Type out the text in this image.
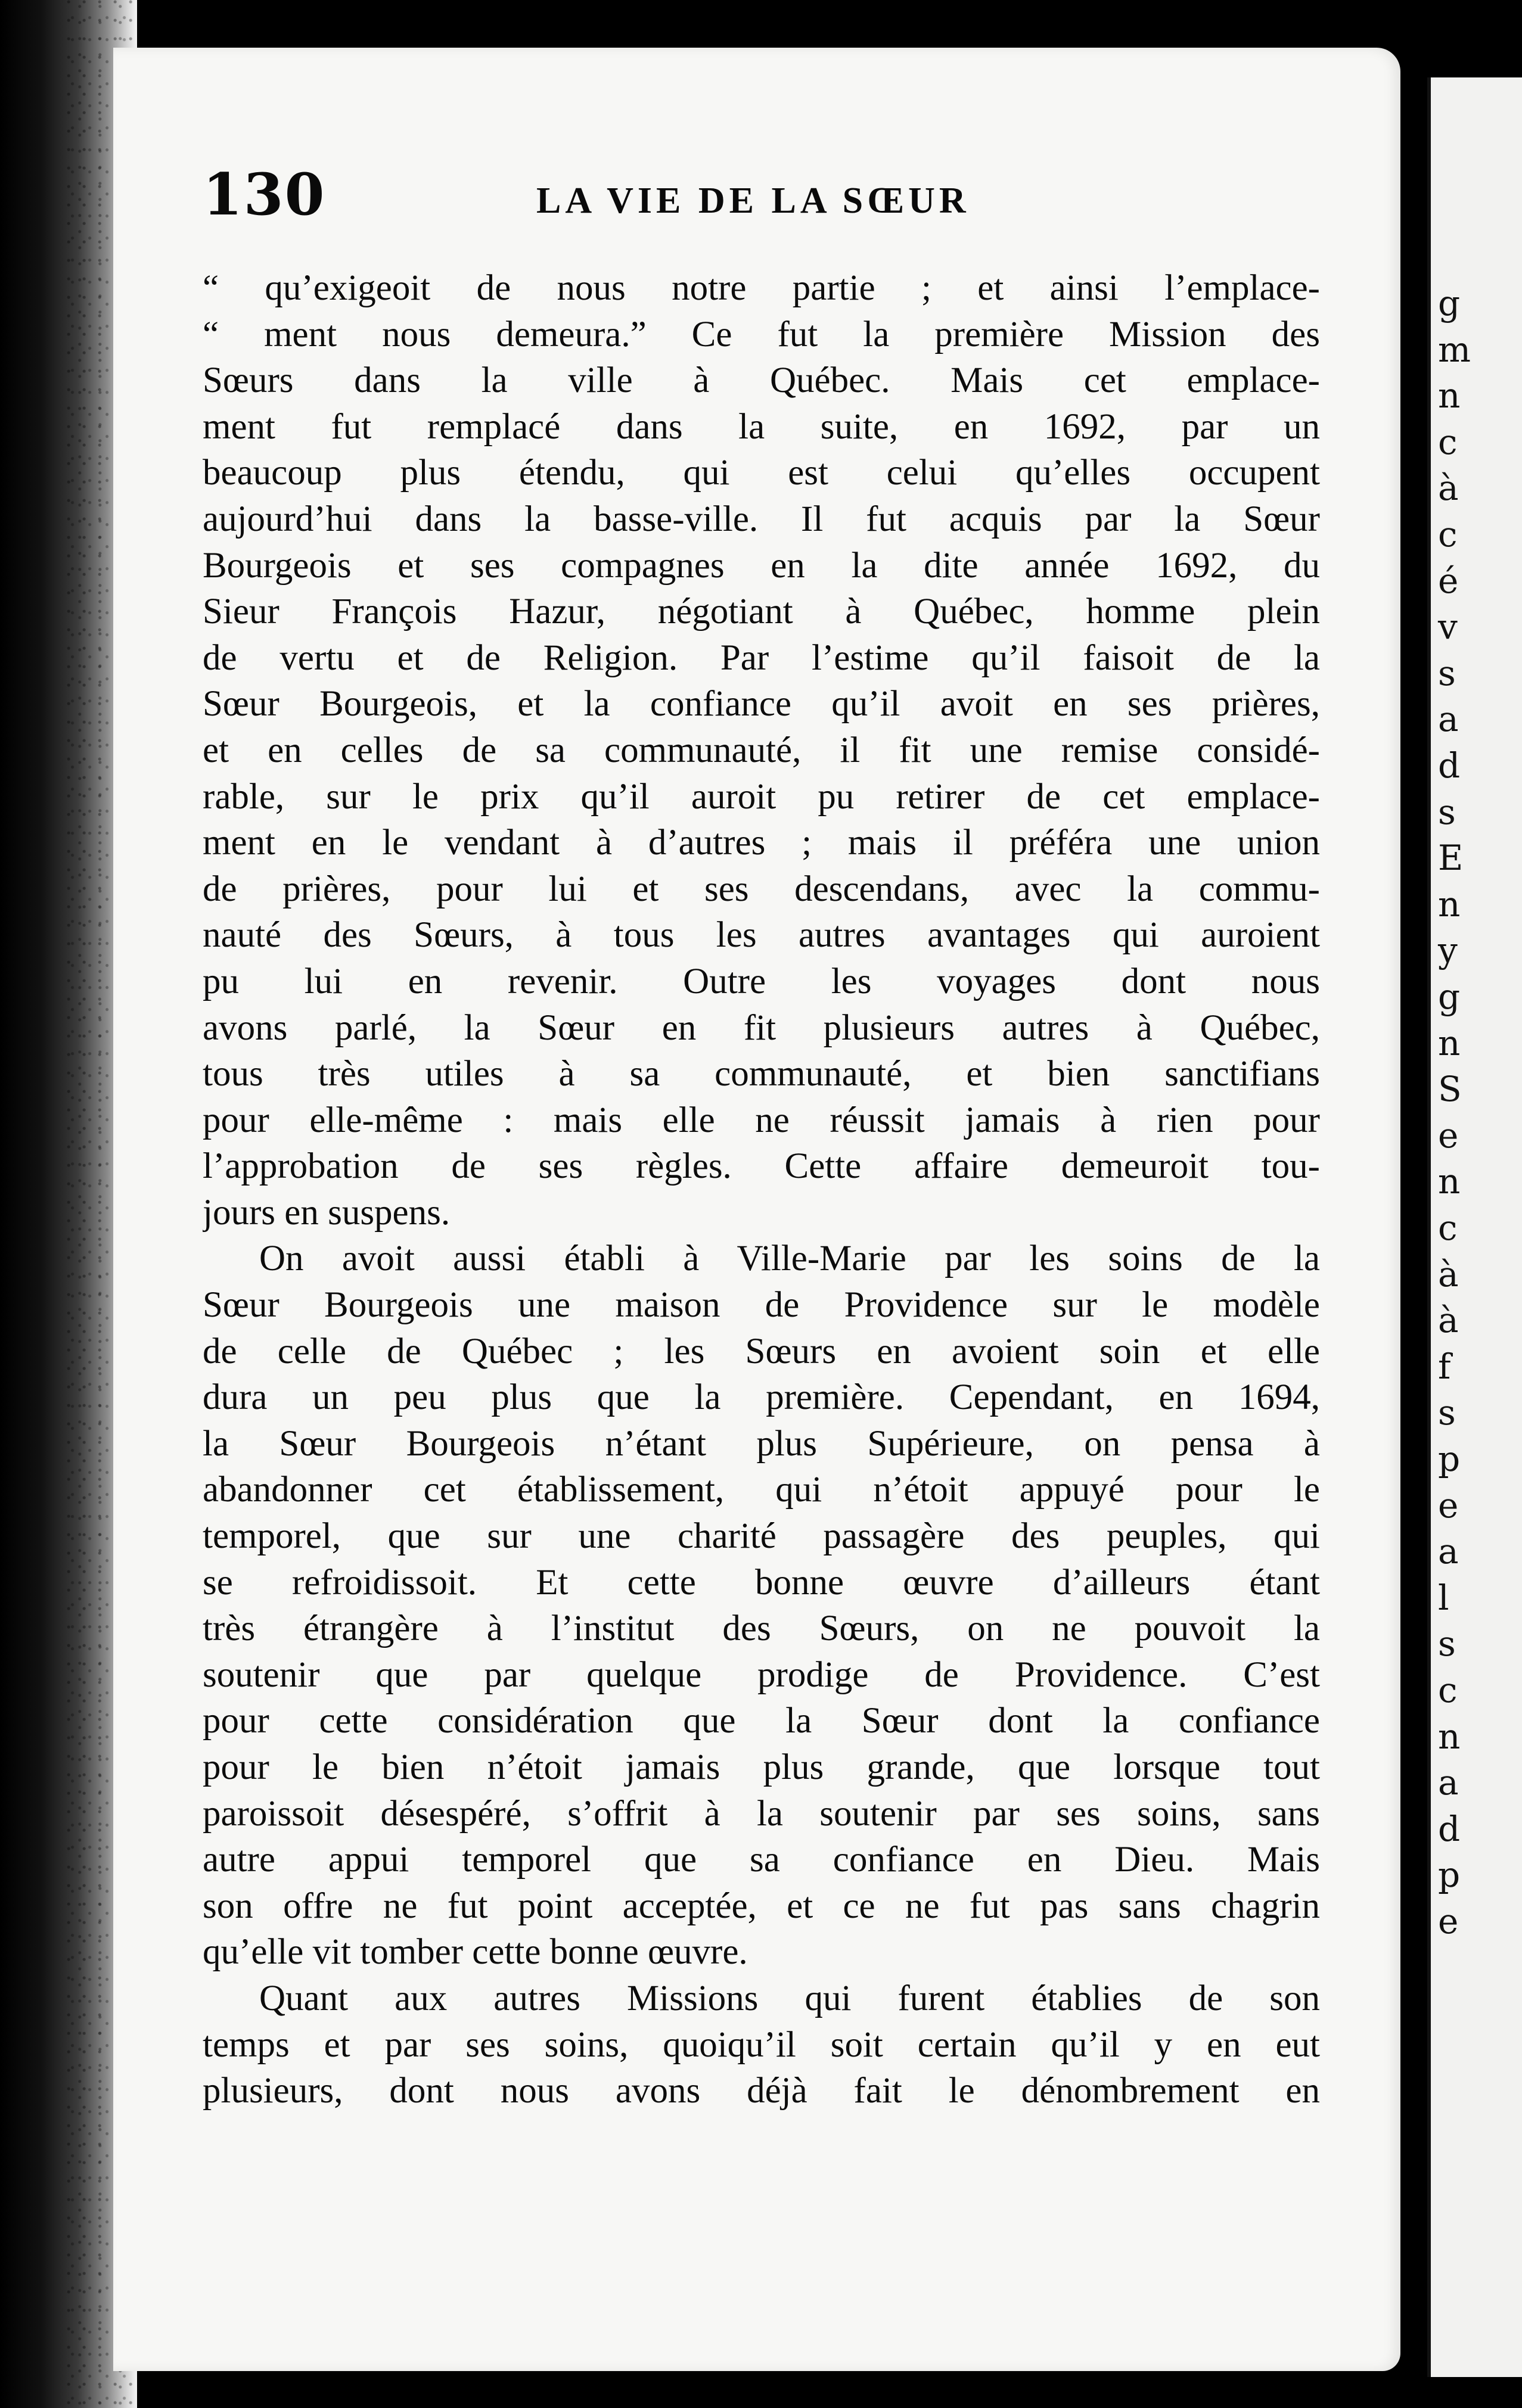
g
m
n
c
à
c
é
v
s
a
d
s
E
n
y
g
n
S
e
n
c
à
à
f
s
p
e
a
l
s
c
n
a
d
p
e
130	LA VIE DE LA SŒUR
“ qu’exigeoit de nous notre partie ; et ainsi l’emplace-
“ ment nous demeura.” Ce fut la première Mission des
Sœurs dans la ville à Québec. Mais cet emplace-
ment fut remplacé dans la suite, en 1692, par un
beaucoup plus étendu, qui est celui qu’elles occupent
aujourd’hui dans la basse-ville. Il fut acquis par la Sœur
Bourgeois et ses compagnes en la dite année 1692, du
Sieur François Hazur, négotiant à Québec, homme plein
de vertu et de Religion. Par l’estime qu’il faisoit de la
Sœur Bourgeois, et la confiance qu’il avoit en ses prières,
et en celles de sa communauté, il fit une remise considé-
rable, sur le prix qu’il auroit pu retirer de cet emplace-
ment en le vendant à d’autres ; mais il préféra une union
de prières, pour lui et ses descendans, avec la commu-
nauté des Sœurs, à tous les autres avantages qui auroient
pu lui en revenir. Outre les voyages dont nous
avons parlé, la Sœur en fit plusieurs autres à Québec,
tous très utiles à sa communauté, et bien sanctifians
pour elle-même : mais elle ne réussit jamais à rien pour
l’approbation de ses règles. Cette affaire demeuroit tou-
jours en suspens.
On avoit aussi établi à Ville-Marie par les soins de la
Sœur Bourgeois une maison de Providence sur le modèle
de celle de Québec ; les Sœurs en avoient soin et elle
dura un peu plus que la première. Cependant, en 1694,
la Sœur Bourgeois n’étant plus Supérieure, on pensa à
abandonner cet établissement, qui n’étoit appuyé pour le
temporel, que sur une charité passagère des peuples, qui
se refroidissoit. Et cette bonne œuvre d’ailleurs étant
très étrangère à l’institut des Sœurs, on ne pouvoit la
soutenir que par quelque prodige de Providence. C’est
pour cette considération que la Sœur dont la confiance
pour le bien n’étoit jamais plus grande, que lorsque tout
paroissoit désespéré, s’offrit à la soutenir par ses soins, sans
autre appui temporel que sa confiance en Dieu. Mais
son offre ne fut point acceptée, et ce ne fut pas sans chagrin
qu’elle vit tomber cette bonne œuvre.
Quant aux autres Missions qui furent établies de son
temps et par ses soins, quoiqu’il soit certain qu’il y en eut
plusieurs, dont nous avons déjà fait le dénombrement en
